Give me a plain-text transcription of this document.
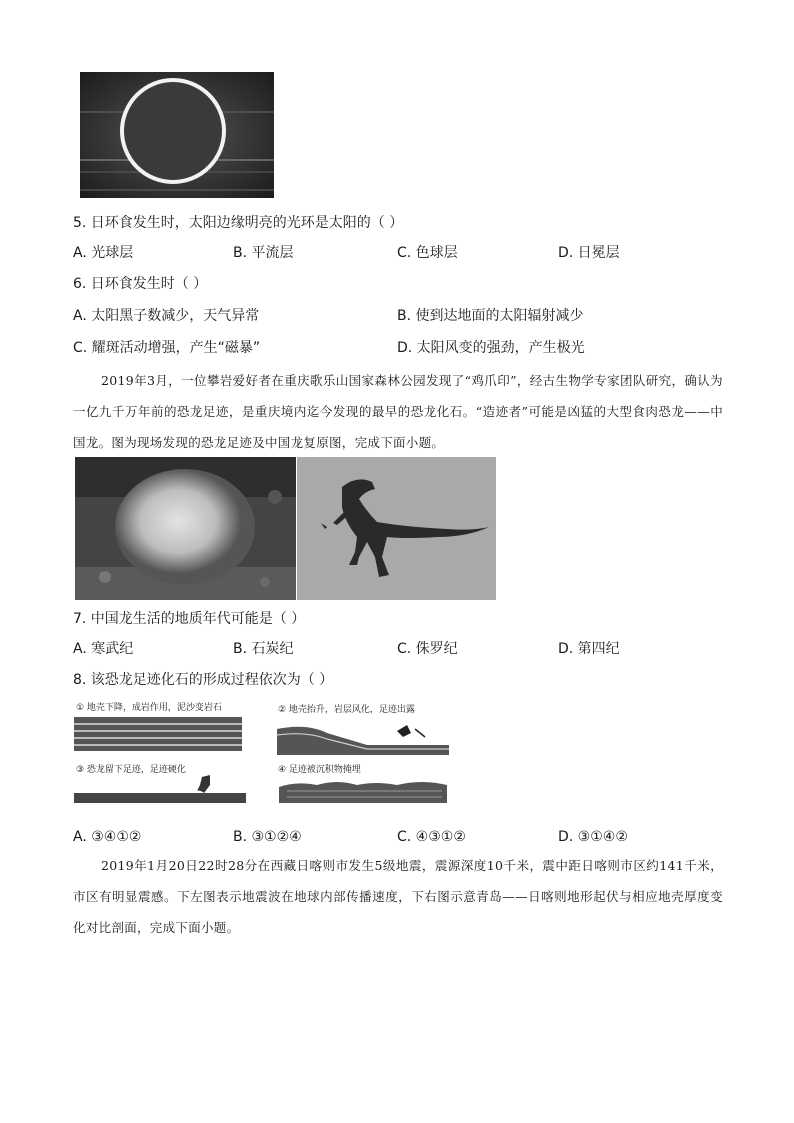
5. 日环食发生时，太阳边缘明亮的光环是太阳的（ ）
A. 光球层	B. 平流层	C. 色球层	D. 日冕层
6. 日环食发生时（ ）
A. 太阳黑子数减少，天气异常	B. 使到达地面的太阳辐射减少
C. 耀斑活动增强，产生“磁暴”	D. 太阳风变的强劲，产生极光
2019年3月，一位攀岩爱好者在重庆歌乐山国家森林公园发现了“鸡爪印”，经古生物学专家团队研究，确认为一亿九千万年前的恐龙足迹，是重庆境内迄今发现的最早的恐龙化石。“造迹者”可能是凶猛的大型食肉恐龙——中国龙。图为现场发现的恐龙足迹及中国龙复原图，完成下面小题。
7. 中国龙生活的地质年代可能是（ ）
A. 寒武纪	B. 石炭纪	C. 侏罗纪	D. 第四纪
8. 该恐龙足迹化石的形成过程依次为（ ）
① 地壳下降，成岩作用，泥沙变岩石	② 地壳抬升，岩层风化，足迹出露
③ 恐龙留下足迹，足迹硬化	④ 足迹被沉积物掩埋
A. ③④①②	B. ③①②④	C. ④③①②	D. ③①④②
2019年1月20日22时28分在西藏日喀则市发生5级地震，震源深度10千米，震中距日喀则市区约141千米，市区有明显震感。下左图表示地震波在地球内部传播速度，下右图示意青岛——日喀则地形起伏与相应地壳厚度变化对比剖面，完成下面小题。
